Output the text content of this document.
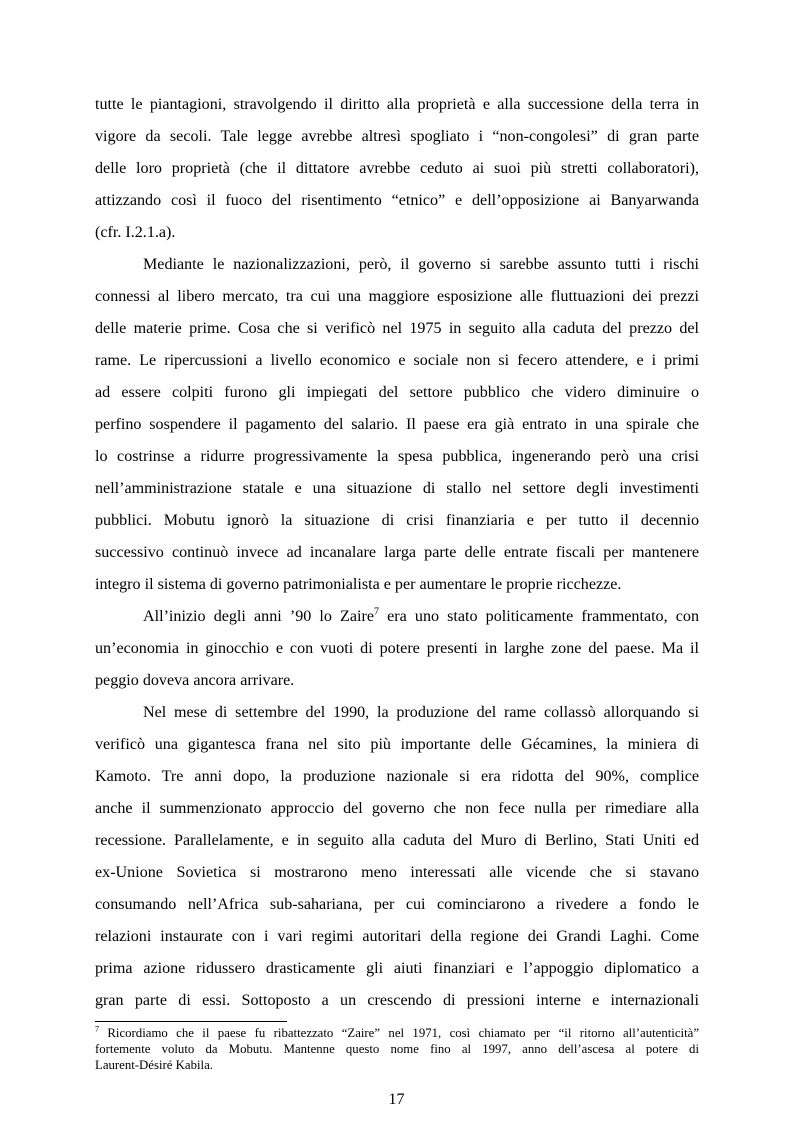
tutte le piantagioni, stravolgendo il diritto alla proprietà e alla successione della terra in
vigore da secoli. Tale legge avrebbe altresì spogliato i “non-congolesi” di gran parte
delle loro proprietà (che il dittatore avrebbe ceduto ai suoi più stretti collaboratori),
attizzando così il fuoco del risentimento “etnico” e dell’opposizione ai Banyarwanda
(cfr. I.2.1.a).
Mediante le nazionalizzazioni, però, il governo si sarebbe assunto tutti i rischi
connessi al libero mercato, tra cui una maggiore esposizione alle fluttuazioni dei prezzi
delle materie prime. Cosa che si verificò nel 1975 in seguito alla caduta del prezzo del
rame. Le ripercussioni a livello economico e sociale non si fecero attendere, e i primi
ad essere colpiti furono gli impiegati del settore pubblico che videro diminuire o
perfino sospendere il pagamento del salario. Il paese era già entrato in una spirale che
lo costrinse a ridurre progressivamente la spesa pubblica, ingenerando però una crisi
nell’amministrazione statale e una situazione di stallo nel settore degli investimenti
pubblici. Mobutu ignorò la situazione di crisi finanziaria e per tutto il decennio
successivo continuò invece ad incanalare larga parte delle entrate fiscali per mantenere
integro il sistema di governo patrimonialista e per aumentare le proprie ricchezze.
All’inizio degli anni ’90 lo Zaire$^7$ era uno stato politicamente frammentato, con
un’economia in ginocchio e con vuoti di potere presenti in larghe zone del paese. Ma il
peggio doveva ancora arrivare.
Nel mese di settembre del 1990, la produzione del rame collassò allorquando si
verificò una gigantesca frana nel sito più importante delle Gécamines, la miniera di
Kamoto. Tre anni dopo, la produzione nazionale si era ridotta del 90%, complice
anche il summenzionato approccio del governo che non fece nulla per rimediare alla
recessione. Parallelamente, e in seguito alla caduta del Muro di Berlino, Stati Uniti ed
ex-Unione Sovietica si mostrarono meno interessati alle vicende che si stavano
consumando nell’Africa sub-sahariana, per cui cominciarono a rivedere a fondo le
relazioni instaurate con i vari regimi autoritari della regione dei Grandi Laghi. Come
prima azione ridussero drasticamente gli aiuti finanziari e l’appoggio diplomatico a
gran parte di essi. Sottoposto a un crescendo di pressioni interne e internazionali
$^7$ Ricordiamo che il paese fu ribattezzato “Zaire” nel 1971, così chiamato per “il ritorno all’autenticità”
fortemente voluto da Mobutu. Mantenne questo nome fino al 1997, anno dell’ascesa al potere di
Laurent-Désiré Kabila.
17
